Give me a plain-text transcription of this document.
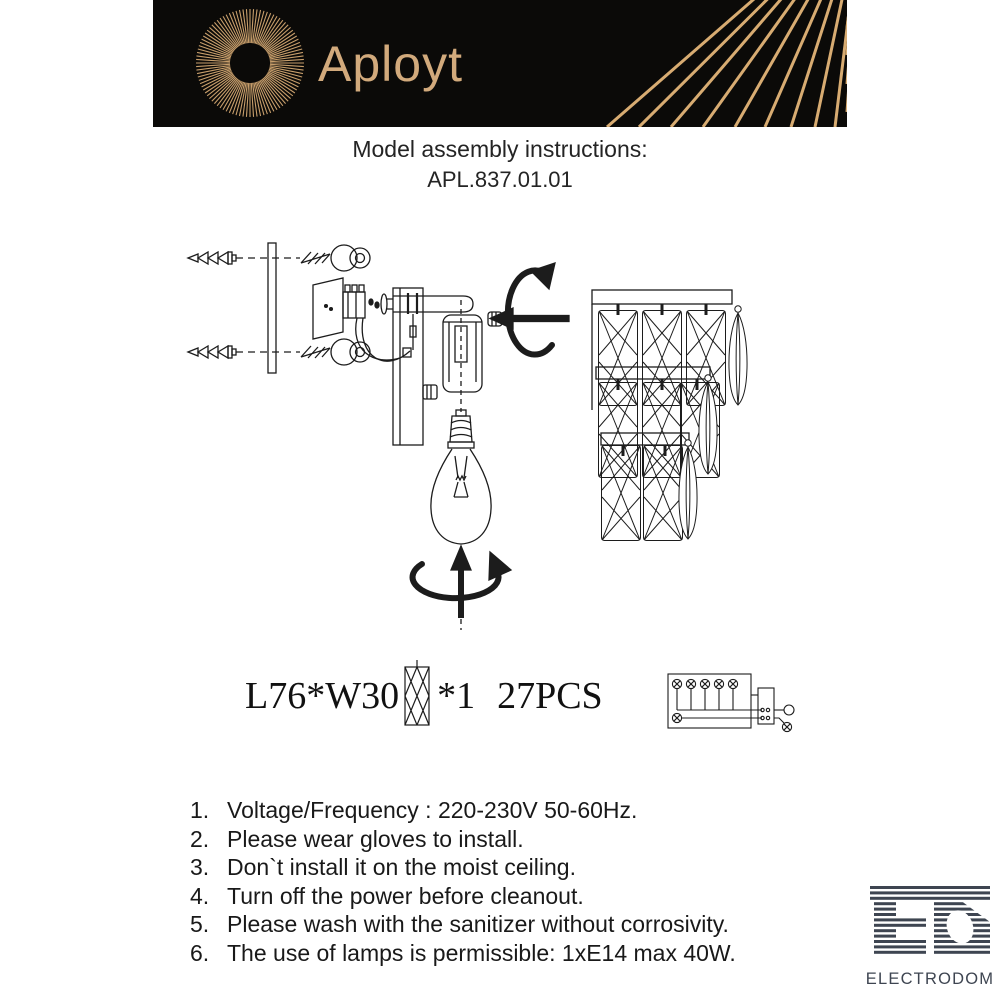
Aployt
Model assembly instructions:
APL.837.01.01
L76*W30 *1 27PCS
1. Voltage/Frequency : 220-230V 50-60Hz.
2. Please wear gloves to install.
3. Don`t install it on the moist ceiling.
4. Turn off the power before cleanout.
5. Please wash with the sanitizer without corrosivity.
6. The use of lamps is permissible: 1xE14 max 40W.
ELECTRODOM
